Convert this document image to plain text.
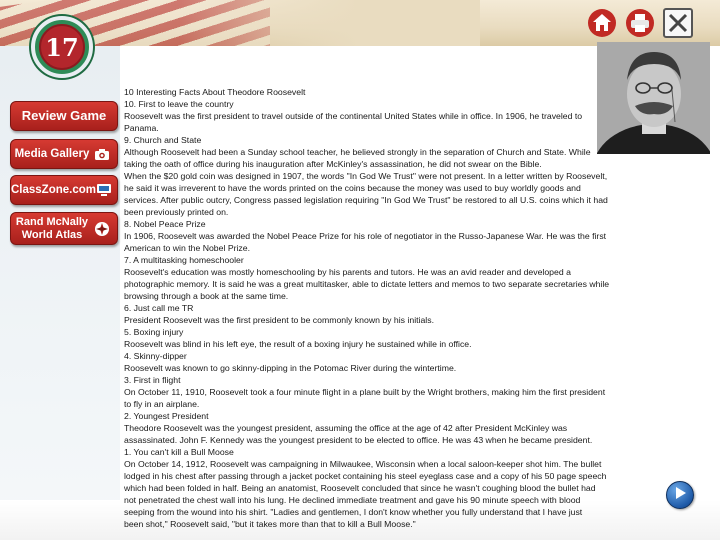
17
Review Game
Media Gallery
ClassZone.com
Rand McNally
World Atlas

10 Interesting Facts About Theodore Roosevelt

10. First to leave the country

Roosevelt was the first president to travel outside of the continental United States while in office. In 1906, he traveled to

Panama.

9. Church and State

Although Roosevelt had been a Sunday school teacher, he believed strongly in the separation of Church and State. While

taking the oath of office during his inauguration after McKinley's assassination, he did not swear on the Bible.

When the $20 gold coin was designed in 1907, the words "In God We Trust" were not present. In a letter written by Roosevelt,

he said it was irreverent to have the words printed on the coins because the money was used to buy worldly goods and

services. After public outcry, Congress passed legislation requiring "In God We Trust" be restored to all U.S. coins which it had

been previously printed on.

8. Nobel Peace Prize

In 1906, Roosevelt was awarded the Nobel Peace Prize for his role of negotiator in the Russo-Japanese War. He was the first

American to win the Nobel Prize.

7. A multitasking homeschooler

Roosevelt's education was mostly homeschooling by his parents and tutors. He was an avid reader and developed a

photographic memory. It is said he was a great multitasker, able to dictate letters and memos to two separate secretaries while

browsing through a book at the same time.

6. Just call me TR

President Roosevelt was the first president to be commonly known by his initials.

5. Boxing injury

Roosevelt was blind in his left eye, the result of a boxing injury he sustained while in office.

4. Skinny-dipper

Roosevelt was known to go skinny-dipping in the Potomac River during the wintertime.

3. First in flight

On October 11, 1910, Roosevelt took a four minute flight in a plane built by the Wright brothers, making him the first president

to fly in an airplane.

2. Youngest President

Theodore Roosevelt was the youngest president, assuming the office at the age of 42 after President McKinley was

assassinated. John F. Kennedy was the youngest president to be elected to office. He was 43 when he became president.

1. You can't kill a Bull Moose

On October 14, 1912, Roosevelt was campaigning in Milwaukee, Wisconsin when a local saloon-keeper shot him. The bullet

lodged in his chest after passing through a jacket pocket containing his steel eyeglass case and a copy of his 50 page speech

which had been folded in half. Being an anatomist, Roosevelt concluded that since he wasn't coughing blood the bullet had

not penetrated the chest wall into his lung. He declined immediate treatment and gave his 90 minute speech with blood

seeping from the wound into his shirt. "Ladies and gentlemen, I don't know whether you fully understand that I have just

been shot," Roosevelt said, "but it takes more than that to kill a Bull Moose."
